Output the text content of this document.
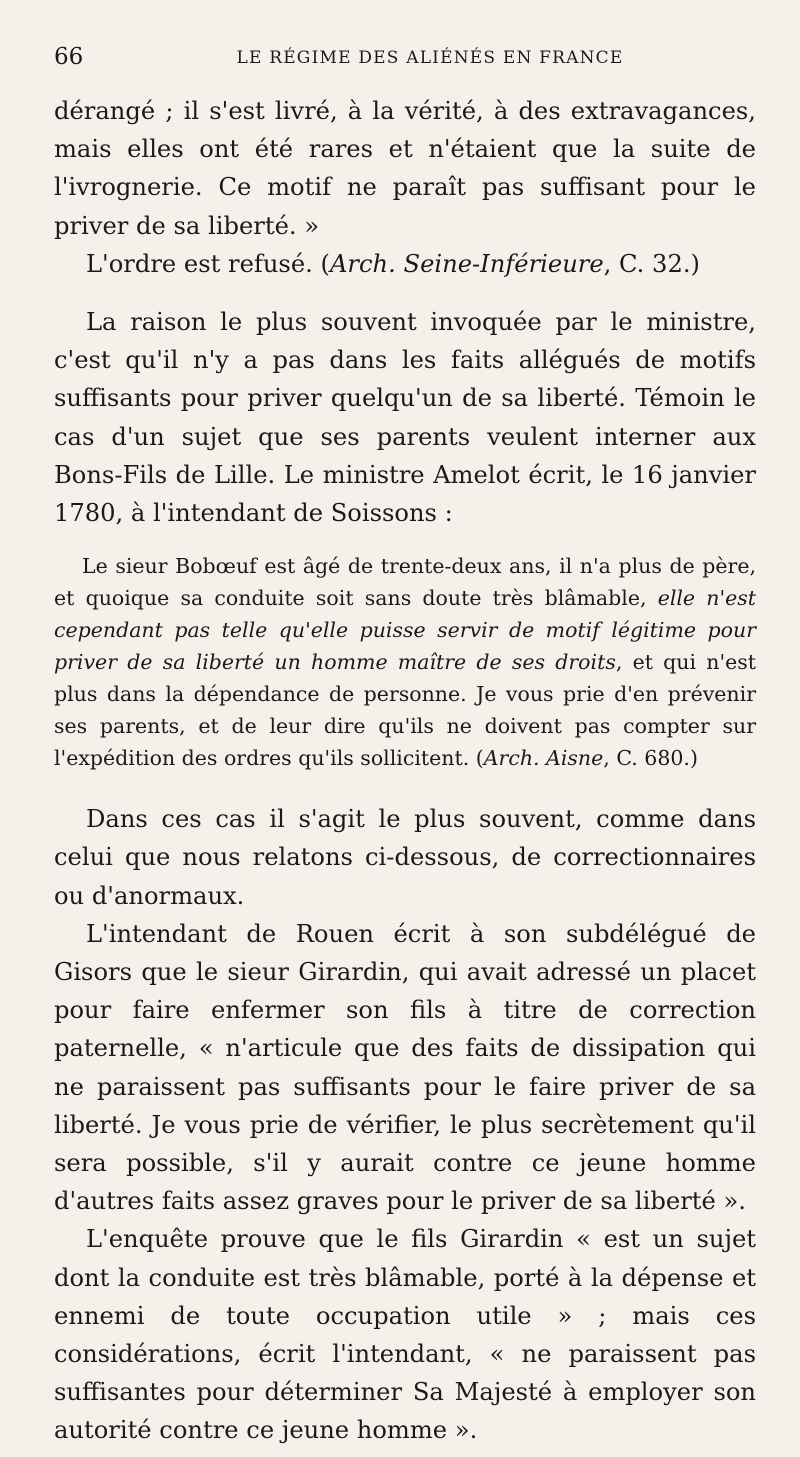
66	LE RÉGIME DES ALIÉNÉS EN FRANCE

dérangé ; il s'est livré, à la vérité, à des extravagances, mais elles ont été rares et n'étaient que la suite de l'ivrognerie. Ce motif ne paraît pas suffisant pour le priver de sa liberté. »

L'ordre est refusé. (Arch. Seine-Inférieure, C. 32.)

La raison le plus souvent invoquée par le ministre, c'est qu'il n'y a pas dans les faits allégués de motifs suffisants pour priver quelqu'un de sa liberté. Témoin le cas d'un sujet que ses parents veulent interner aux Bons-Fils de Lille. Le ministre Amelot écrit, le 16 janvier 1780, à l'intendant de Soissons :

Le sieur Bobœuf est âgé de trente-deux ans, il n'a plus de père, et quoique sa conduite soit sans doute très blâmable, elle n'est cependant pas telle qu'elle puisse servir de motif légitime pour priver de sa liberté un homme maître de ses droits, et qui n'est plus dans la dépendance de personne. Je vous prie d'en prévenir ses parents, et de leur dire qu'ils ne doivent pas compter sur l'expédition des ordres qu'ils sollicitent. (Arch. Aisne, C. 680.)

Dans ces cas il s'agit le plus souvent, comme dans celui que nous relatons ci-dessous, de correctionnaires ou d'anormaux.

L'intendant de Rouen écrit à son subdélégué de Gisors que le sieur Girardin, qui avait adressé un placet pour faire enfermer son fils à titre de correction paternelle, « n'articule que des faits de dissipation qui ne paraissent pas suffisants pour le faire priver de sa liberté. Je vous prie de vérifier, le plus secrètement qu'il sera possible, s'il y aurait contre ce jeune homme d'autres faits assez graves pour le priver de sa liberté ».

L'enquête prouve que le fils Girardin « est un sujet dont la conduite est très blâmable, porté à la dépense et ennemi de toute occupation utile » ; mais ces considérations, écrit l'intendant, « ne paraissent pas suffisantes pour déterminer Sa Majesté à employer son autorité contre ce jeune homme ».
